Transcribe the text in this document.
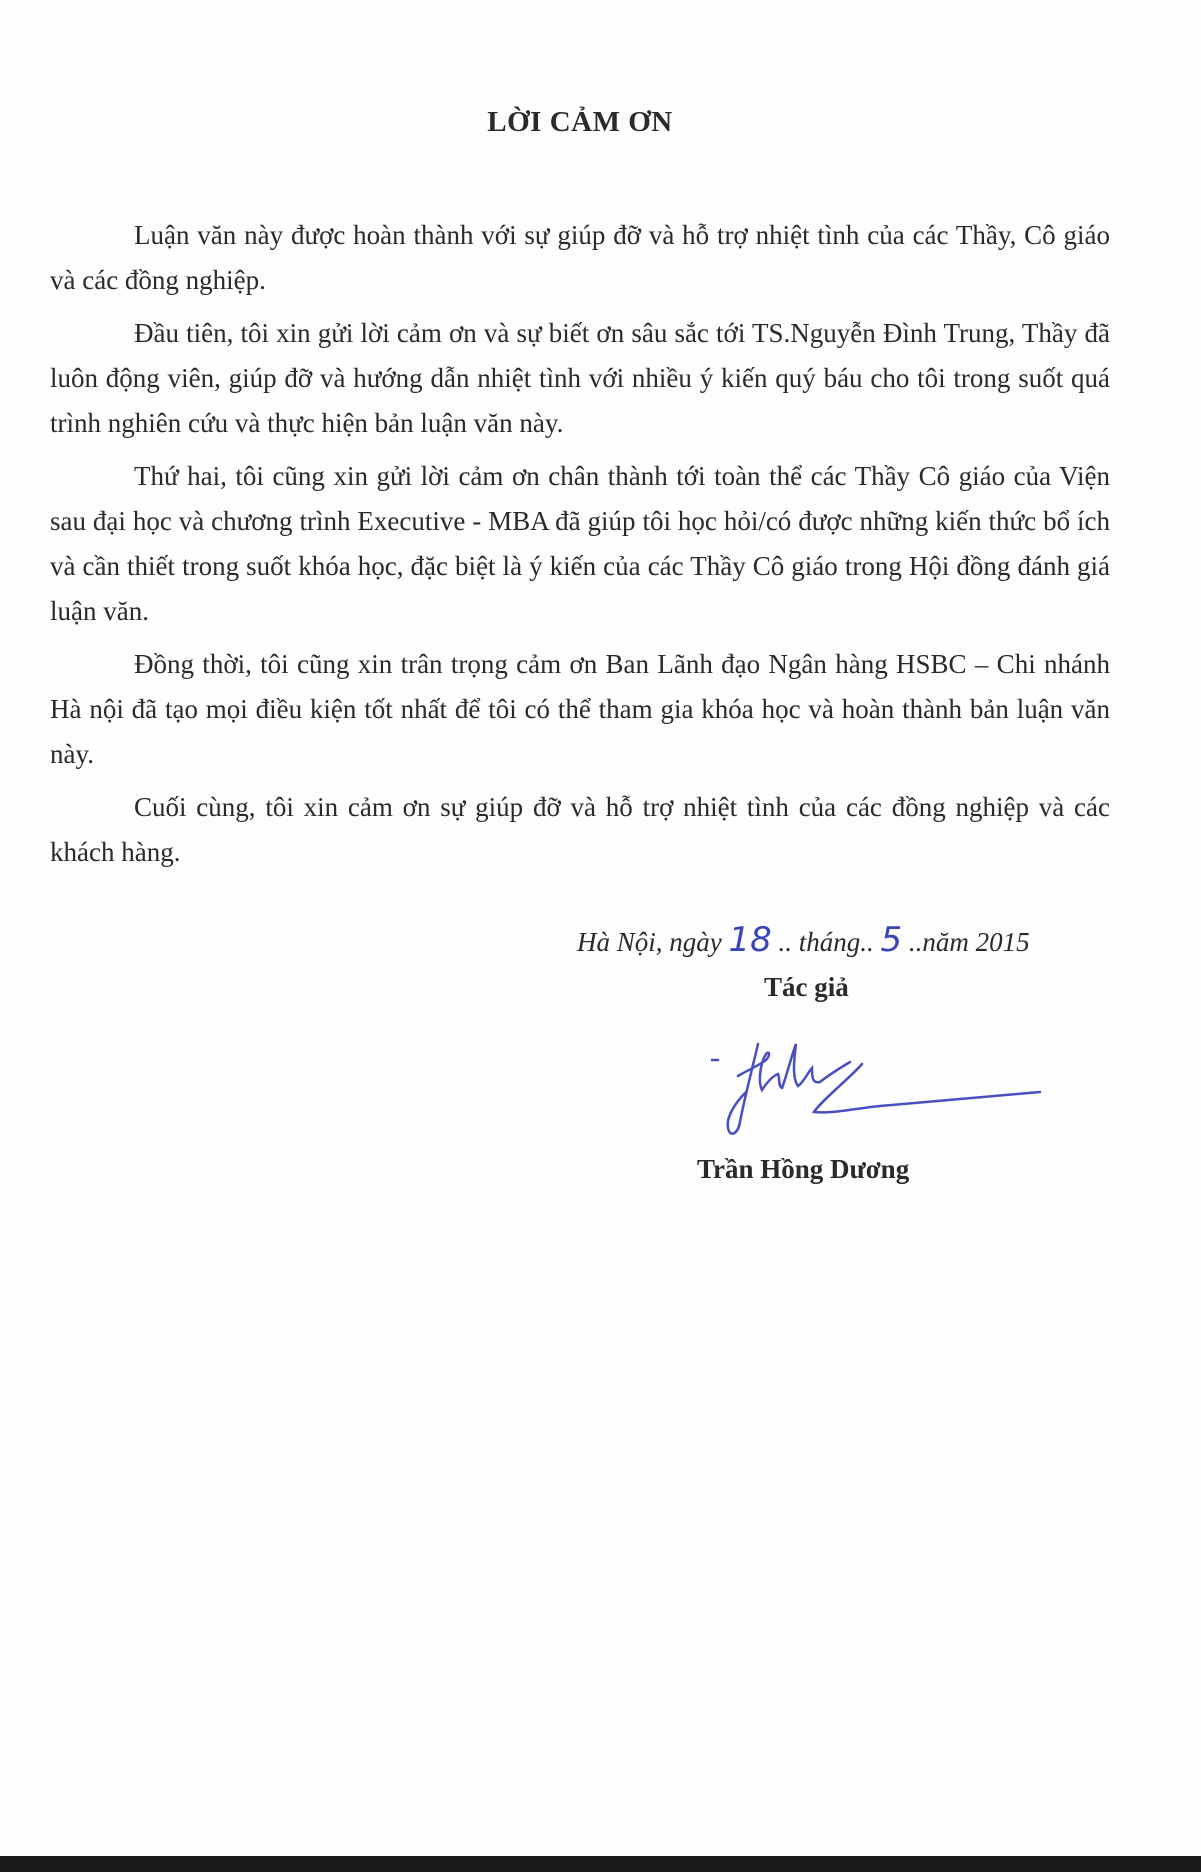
LỜI CẢM ƠN

Luận văn này được hoàn thành với sự giúp đỡ và hỗ trợ nhiệt tình của các Thầy, Cô giáo và các đồng nghiệp.

Đầu tiên, tôi xin gửi lời cảm ơn và sự biết ơn sâu sắc tới TS.Nguyễn Đình Trung, Thầy đã luôn động viên, giúp đỡ và hướng dẫn nhiệt tình với nhiều ý kiến quý báu cho tôi trong suốt quá trình nghiên cứu và thực hiện bản luận văn này.

Thứ hai, tôi cũng xin gửi lời cảm ơn chân thành tới toàn thể các Thầy Cô giáo của Viện sau đại học và chương trình Executive - MBA đã giúp tôi học hỏi/có được những kiến thức bổ ích và cần thiết trong suốt khóa học, đặc biệt là ý kiến của các Thầy Cô giáo trong Hội đồng đánh giá luận văn.

Đồng thời, tôi cũng xin trân trọng cảm ơn Ban Lãnh đạo Ngân hàng HSBC – Chi nhánh Hà nội đã tạo mọi điều kiện tốt nhất để tôi có thể tham gia khóa học và hoàn thành bản luận văn này.

Cuối cùng, tôi xin cảm ơn sự giúp đỡ và hỗ trợ nhiệt tình của các đồng nghiệp và các khách hàng.

Hà Nội, ngày 18 .. tháng.. 5 ..năm 2015
Tác giả
Trần Hồng Dương
